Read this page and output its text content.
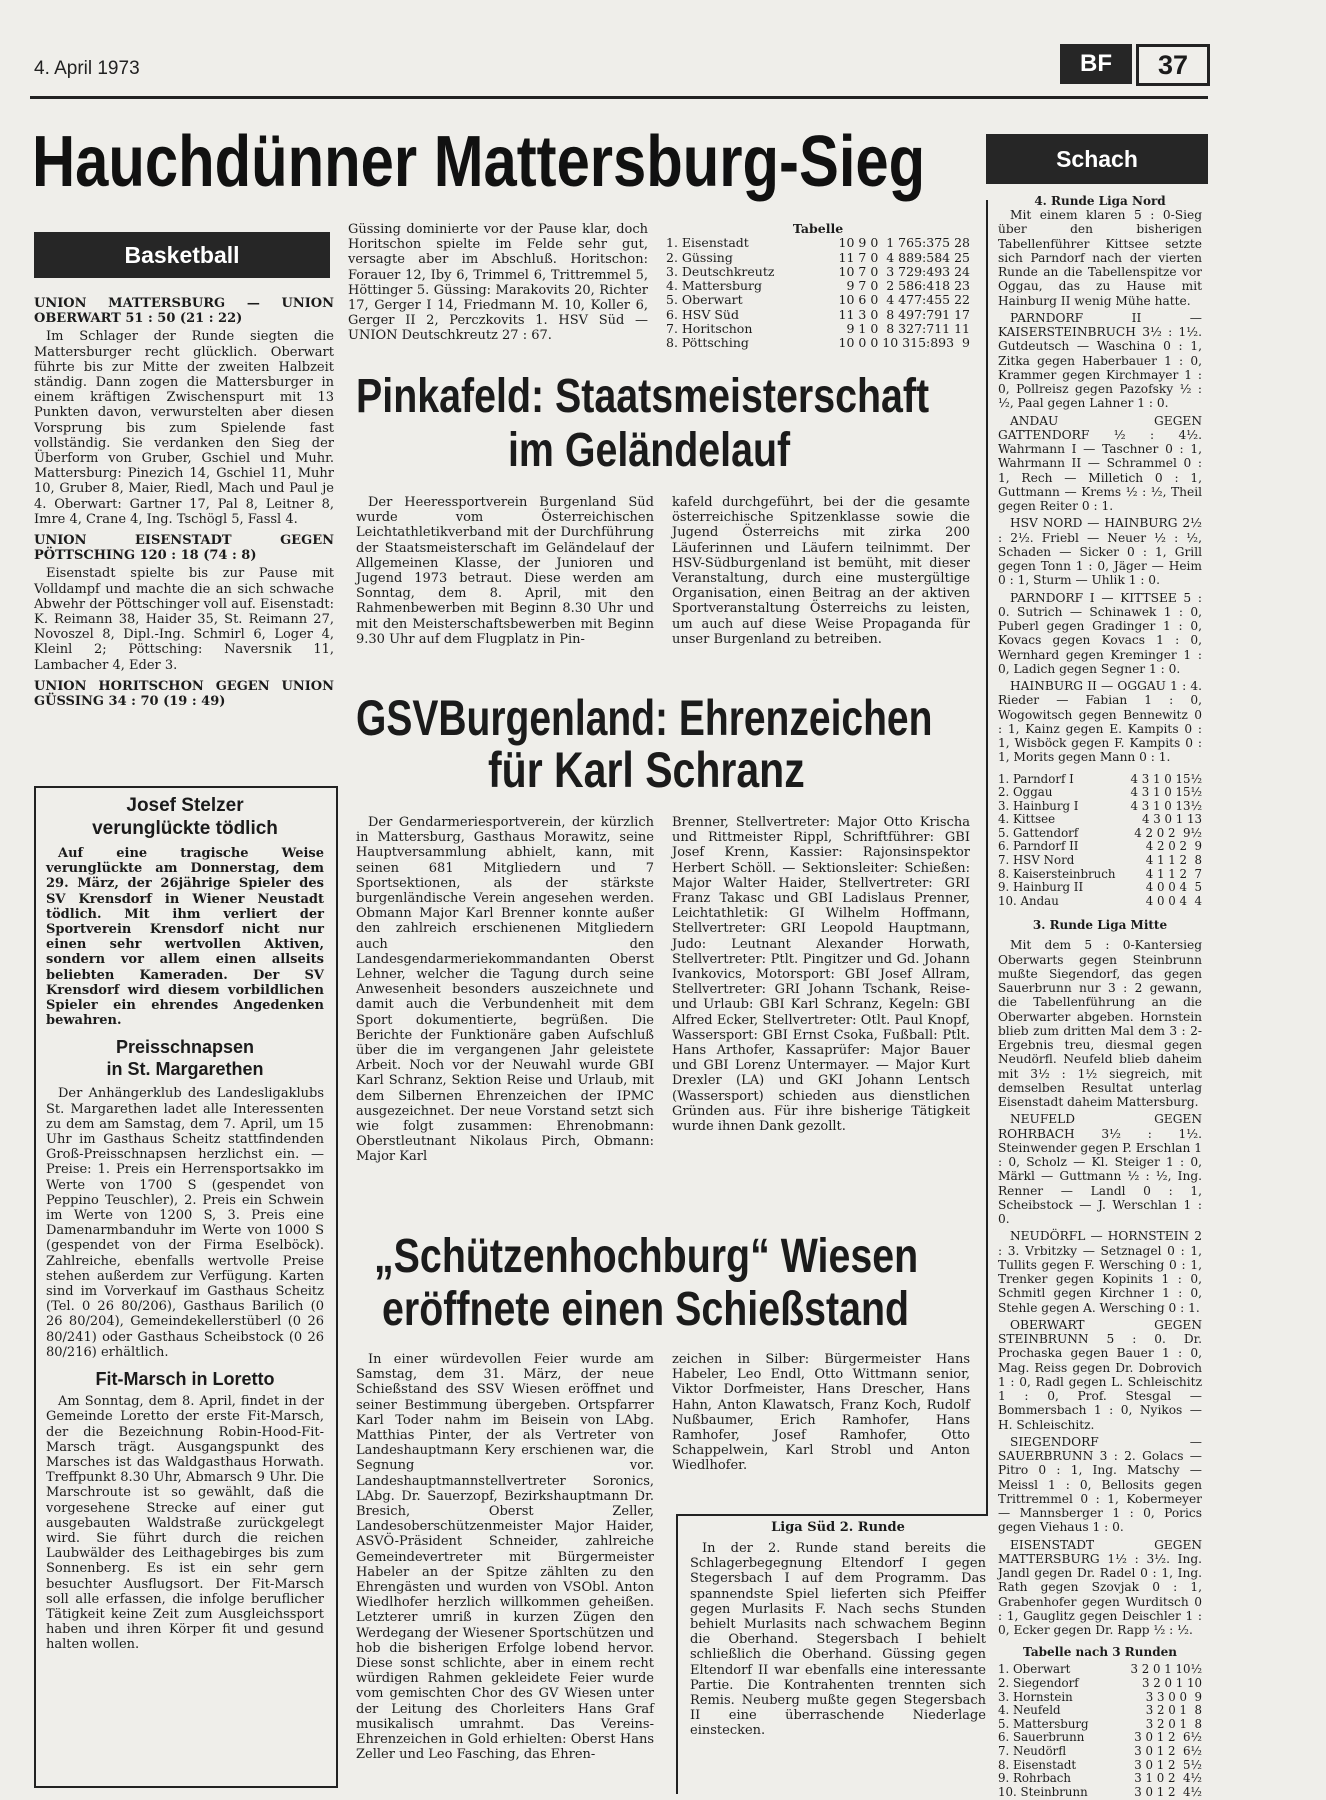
4. April 1973	BF 37
Hauchdünner Mattersburg-Sieg
Basketball

UNION MATTERSBURG — UNION OBERWART 51 : 50 (21 : 22)

Im Schlager der Runde siegten die Mattersburger recht glücklich. Oberwart führte bis zur Mitte der zweiten Halbzeit ständig. Dann zogen die Mattersburger in einem kräftigen Zwischenspurt mit 13 Punkten davon, verwurstelten aber diesen Vorsprung bis zum Spielende fast vollständig. Sie verdanken den Sieg der Überform von Gruber, Gschiel und Muhr. Mattersburg: Pinezich 14, Gschiel 11, Muhr 10, Gruber 8, Maier, Riedl, Mach und Paul je 4. Oberwart: Gartner 17, Pal 8, Leitner 8, Imre 4, Crane 4, Ing. Tschögl 5, Fassl 4.

UNION EISENSTADT GEGEN PÖTTSCHING 120 : 18 (74 : 8)

Eisenstadt spielte bis zur Pause mit Volldampf und machte die an sich schwache Abwehr der Pöttschinger voll auf. Eisenstadt: K. Reimann 38, Haider 35, St. Reimann 27, Novoszel 8, Dipl.-Ing. Schmirl 6, Loger 4, Kleinl 2; Pöttsching: Naversnik 11, Lambacher 4, Eder 3.

UNION HORITSCHON GEGEN UNION GÜSSING 34 : 70 (19 : 49)

Güssing dominierte vor der Pause klar, doch Horitschon spielte im Felde sehr gut, versagte aber im Abschluß. Horitschon: Forauer 12, Iby 6, Trimmel 6, Trittremmel 5, Höttinger 5. Güssing: Marakovits 20, Richter 17, Gerger I 14, Friedmann M. 10, Koller 6, Gerger II 2, Perczkovits 1. HSV Süd — UNION Deutschkreutz 27 : 67.

Tabelle
1. Eisenstadt	10 9 0  1 765:375 28
2. Güssing	11 7 0  4 889:584 25
3. Deutschkreutz	10 7 0  3 729:493 24
4. Mattersburg	9 7 0  2 586:418 23
5. Oberwart	10 6 0  4 477:455 22
6. HSV Süd	11 3 0  8 497:791 17
7. Horitschon	9 1 0  8 327:711 11
8. Pöttsching	10 0 0 10 315:893  9
Pinkafeld: Staatsmeisterschaft
im Geländelauf

Der Heeressportverein Burgenland Süd wurde vom Österreichischen Leichtathletikverband mit der Durchführung der Staatsmeisterschaft im Geländelauf der Allgemeinen Klasse, der Junioren und Jugend 1973 betraut. Diese werden am Sonntag, dem 8. April, mit den Rahmenbewerben mit Beginn 8.30 Uhr und mit den Meisterschaftsbewerben mit Beginn 9.30 Uhr auf dem Flugplatz in Pin-

kafeld durchgeführt, bei der die gesamte österreichische Spitzenklasse sowie die Jugend Österreichs mit zirka 200 Läuferinnen und Läufern teilnimmt. Der HSV-Südburgenland ist bemüht, mit dieser Veranstaltung, durch eine mustergültige Organisation, einen Beitrag an der aktiven Sportveranstaltung Österreichs zu leisten, um auch auf diese Weise Propaganda für unser Burgenland zu betreiben.

GSVBurgenland: Ehrenzeichen
für Karl Schranz

Der Gendarmeriesportverein, der kürzlich in Mattersburg, Gasthaus Morawitz, seine Hauptversammlung abhielt, kann, mit seinen 681 Mitgliedern und 7 Sportsektionen, als der stärkste burgenländische Verein angesehen werden. Obmann Major Karl Brenner konnte außer den zahlreich erschienenen Mitgliedern auch den Landesgendarmeriekommandanten Oberst Lehner, welcher die Tagung durch seine Anwesenheit besonders auszeichnete und damit auch die Verbundenheit mit dem Sport dokumentierte, begrüßen. Die Berichte der Funktionäre gaben Aufschluß über die im vergangenen Jahr geleistete Arbeit. Noch vor der Neuwahl wurde GBI Karl Schranz, Sektion Reise und Urlaub, mit dem Silbernen Ehrenzeichen der IPMC ausgezeichnet. Der neue Vorstand setzt sich wie folgt zusammen: Ehrenobmann: Oberstleutnant Nikolaus Pirch, Obmann: Major Karl

Brenner, Stellvertreter: Major Otto Krischa und Rittmeister Rippl, Schriftführer: GBI Josef Krenn, Kassier: Rajonsinspektor Herbert Schöll. — Sektionsleiter: Schießen: Major Walter Haider, Stellvertreter: GRI Franz Takasc und GBI Ladislaus Prenner, Leichtathletik: GI Wilhelm Hoffmann, Stellvertreter: GRI Leopold Hauptmann, Judo: Leutnant Alexander Horwath, Stellvertreter: Ptlt. Pingitzer und Gd. Johann Ivankovics, Motorsport: GBI Josef Allram, Stellvertreter: GRI Johann Tschank, Reise- und Urlaub: GBI Karl Schranz, Kegeln: GBI Alfred Ecker, Stellvertreter: Otlt. Paul Knopf, Wassersport: GBI Ernst Csoka, Fußball: Ptlt. Hans Arthofer, Kassaprüfer: Major Bauer und GBI Lorenz Untermayer. — Major Kurt Drexler (LA) und GKI Johann Lentsch (Wassersport) schieden aus dienstlichen Gründen aus. Für ihre bisherige Tätigkeit wurde ihnen Dank gezollt.

Josef Stelzer
verunglückte tödlich

Auf eine tragische Weise verunglückte am Donnerstag, dem 29. März, der 26jährige Spieler des SV Krensdorf in Wiener Neustadt tödlich. Mit ihm verliert der Sportverein Krensdorf nicht nur einen sehr wertvollen Aktiven, sondern vor allem einen allseits beliebten Kameraden. Der SV Krensdorf wird diesem vorbildlichen Spieler ein ehrendes Angedenken bewahren.

Preisschnapsen
in St. Margarethen

Der Anhängerklub des Landesligaklubs St. Margarethen ladet alle Interessenten zu dem am Samstag, dem 7. April, um 15 Uhr im Gasthaus Scheitz stattfindenden Groß-Preisschnapsen herzlichst ein. — Preise: 1. Preis ein Herrensportsakko im Werte von 1700 S (gespendet von Peppino Teuschler), 2. Preis ein Schwein im Werte von 1200 S, 3. Preis eine Damenarmbanduhr im Werte von 1000 S (gespendet von der Firma Eselböck). Zahlreiche, ebenfalls wertvolle Preise stehen außerdem zur Verfügung. Karten sind im Vorverkauf im Gasthaus Scheitz (Tel. 0 26 80/206), Gasthaus Barilich (0 26 80/204), Gemeindekellerstüberl (0 26 80/241) oder Gasthaus Scheibstock (0 26 80/216) erhältlich.

Fit-Marsch in Loretto

Am Sonntag, dem 8. April, findet in der Gemeinde Loretto der erste Fit-Marsch, der die Bezeichnung Robin-Hood-Fit-Marsch trägt. Ausgangspunkt des Marsches ist das Waldgasthaus Horwath. Treffpunkt 8.30 Uhr, Abmarsch 9 Uhr. Die Marschroute ist so gewählt, daß die vorgesehene Strecke auf einer gut ausgebauten Waldstraße zurückgelegt wird. Sie führt durch die reichen Laubwälder des Leithagebirges bis zum Sonnenberg. Es ist ein sehr gern besuchter Ausflugsort. Der Fit-Marsch soll alle erfassen, die infolge beruflicher Tätigkeit keine Zeit zum Ausgleichssport haben und ihren Körper fit und gesund halten wollen.

„Schützenhochburg“ Wiesen
eröffnete einen Schießstand

In einer würdevollen Feier wurde am Samstag, dem 31. März, der neue Schießstand des SSV Wiesen eröffnet und seiner Bestimmung übergeben. Ortspfarrer Karl Toder nahm im Beisein von LAbg. Matthias Pinter, der als Vertreter von Landeshauptmann Kery erschienen war, die Segnung vor. Landeshauptmannstellvertreter Soronics, LAbg. Dr. Sauerzopf, Bezirkshauptmann Dr. Bresich, Oberst Zeller, Landesoberschützenmeister Major Haider, ASVÖ-Präsident Schneider, zahlreiche Gemeindevertreter mit Bürgermeister Habeler an der Spitze zählten zu den Ehrengästen und wurden von VSObl. Anton Wiedlhofer herzlich willkommen geheißen. Letzterer umriß in kurzen Zügen den Werdegang der Wiesener Sportschützen und hob die bisherigen Erfolge lobend hervor. Diese sonst schlichte, aber in einem recht würdigen Rahmen gekleidete Feier wurde vom gemischten Chor des GV Wiesen unter der Leitung des Chorleiters Hans Graf musikalisch umrahmt. Das Vereins-Ehrenzeichen in Gold erhielten: Oberst Hans Zeller und Leo Fasching, das Ehren-

zeichen in Silber: Bürgermeister Hans Habeler, Leo Endl, Otto Wittmann senior, Viktor Dorfmeister, Hans Drescher, Hans Hahn, Anton Klawatsch, Franz Koch, Rudolf Nußbaumer, Erich Ramhofer, Hans Ramhofer, Josef Ramhofer, Otto Schappelwein, Karl Strobl und Anton Wiedlhofer.

Liga Süd 2. Runde

In der 2. Runde stand bereits die Schlagerbegegnung Eltendorf I gegen Stegersbach I auf dem Programm. Das spannendste Spiel lieferten sich Pfeiffer gegen Murlasits F. Nach sechs Stunden behielt Murlasits nach schwachem Beginn die Oberhand. Stegersbach I behielt schließlich die Oberhand. Güssing gegen Eltendorf II war ebenfalls eine interessante Partie. Die Kontrahenten trennten sich Remis. Neuberg mußte gegen Stegersbach II eine überraschende Niederlage einstecken.

Schach
4. Runde Liga Nord

Mit einem klaren 5 : 0-Sieg über den bisherigen Tabellenführer Kittsee setzte sich Parndorf nach der vierten Runde an die Tabellenspitze vor Oggau, das zu Hause mit Hainburg II wenig Mühe hatte.

PARNDORF II — KAISERSTEINBRUCH 3½ : 1½. Gutdeutsch — Waschina 0 : 1, Zitka gegen Haberbauer 1 : 0, Krammer gegen Kirchmayer 1 : 0, Pollreisz gegen Pazofsky ½ : ½, Paal gegen Lahner 1 : 0.

ANDAU GEGEN GATTENDORF ½ : 4½. Wahrmann I — Taschner 0 : 1, Wahrmann II — Schrammel 0 : 1, Rech — Milletich 0 : 1, Guttmann — Krems ½ : ½, Theil gegen Reiter 0 : 1.

HSV NORD — HAINBURG 2½ : 2½. Friebl — Neuer ½ : ½, Schaden — Sicker 0 : 1, Grill gegen Tonn 1 : 0, Jäger — Heim 0 : 1, Sturm — Uhlik 1 : 0.

PARNDORF I — KITTSEE 5 : 0. Sutrich — Schinawek 1 : 0, Puberl gegen Gradinger 1 : 0, Kovacs gegen Kovacs 1 : 0, Wernhard gegen Kreminger 1 : 0, Ladich gegen Segner 1 : 0.

HAINBURG II — OGGAU 1 : 4. Rieder — Fabian 1 : 0, Wogowitsch gegen Bennewitz 0 : 1, Kainz gegen E. Kampits 0 : 1, Wisböck gegen F. Kampits 0 : 1, Morits gegen Mann 0 : 1.

1. Parndorf I	4 3 1 0 15½
2. Oggau	4 3 1 0 15½
3. Hainburg I	4 3 1 0 13½
4. Kittsee	4 3 0 1 13
5. Gattendorf	4 2 0 2  9½
6. Parndorf II	4 2 0 2  9
7. HSV Nord	4 1 1 2  8
8. Kaisersteinbruch	4 1 1 2  7
9. Hainburg II	4 0 0 4  5
10. Andau	4 0 0 4  4
3. Runde Liga Mitte

Mit dem 5 : 0-Kantersieg Oberwarts gegen Steinbrunn mußte Siegendorf, das gegen Sauerbrunn nur 3 : 2 gewann, die Tabellenführung an die Oberwarter abgeben. Hornstein blieb zum dritten Mal dem 3 : 2-Ergebnis treu, diesmal gegen Neudörfl. Neufeld blieb daheim mit 3½ : 1½ siegreich, mit demselben Resultat unterlag Eisenstadt daheim Mattersburg.

NEUFELD GEGEN ROHRBACH 3½ : 1½. Steinwender gegen P. Erschlan 1 : 0, Scholz — Kl. Steiger 1 : 0, Märkl — Guttmann ½ : ½, Ing. Renner — Landl 0 : 1, Scheibstock — J. Werschlan 1 : 0.

NEUDÖRFL — HORNSTEIN 2 : 3. Vrbitzky — Setznagel 0 : 1, Tullits gegen F. Wersching 0 : 1, Trenker gegen Kopinits 1 : 0, Schmitl gegen Kirchner 1 : 0, Stehle gegen A. Wersching 0 : 1.

OBERWART GEGEN STEINBRUNN 5 : 0. Dr. Prochaska gegen Bauer 1 : 0, Mag. Reiss gegen Dr. Dobrovich 1 : 0, Radl gegen L. Schleischitz 1 : 0, Prof. Stesgal — Bommersbach 1 : 0, Nyikos — H. Schleischitz.

SIEGENDORF — SAUERBRUNN 3 : 2. Golacs — Pitro 0 : 1, Ing. Matschy — Meissl 1 : 0, Bellosits gegen Trittremmel 0 : 1, Kobermeyer — Mannsberger 1 : 0, Porics gegen Viehaus 1 : 0.

EISENSTADT GEGEN MATTERSBURG 1½ : 3½. Ing. Jandl gegen Dr. Radel 0 : 1, Ing. Rath gegen Szovjak 0 : 1, Grabenhofer gegen Wurditsch 0 : 1, Gauglitz gegen Deischler 1 : 0, Ecker gegen Dr. Rapp ½ : ½.

Tabelle nach 3 Runden
1. Oberwart	3 2 0 1 10½
2. Siegendorf	3 2 0 1 10
3. Hornstein	3 3 0 0  9
4. Neufeld	3 2 0 1  8
5. Mattersburg	3 2 0 1  8
6. Sauerbrunn	3 0 1 2  6½
7. Neudörfl	3 0 1 2  6½
8. Eisenstadt	3 0 1 2  5½
9. Rohrbach	3 1 0 2  4½
10. Steinbrunn	3 0 1 2  4½
